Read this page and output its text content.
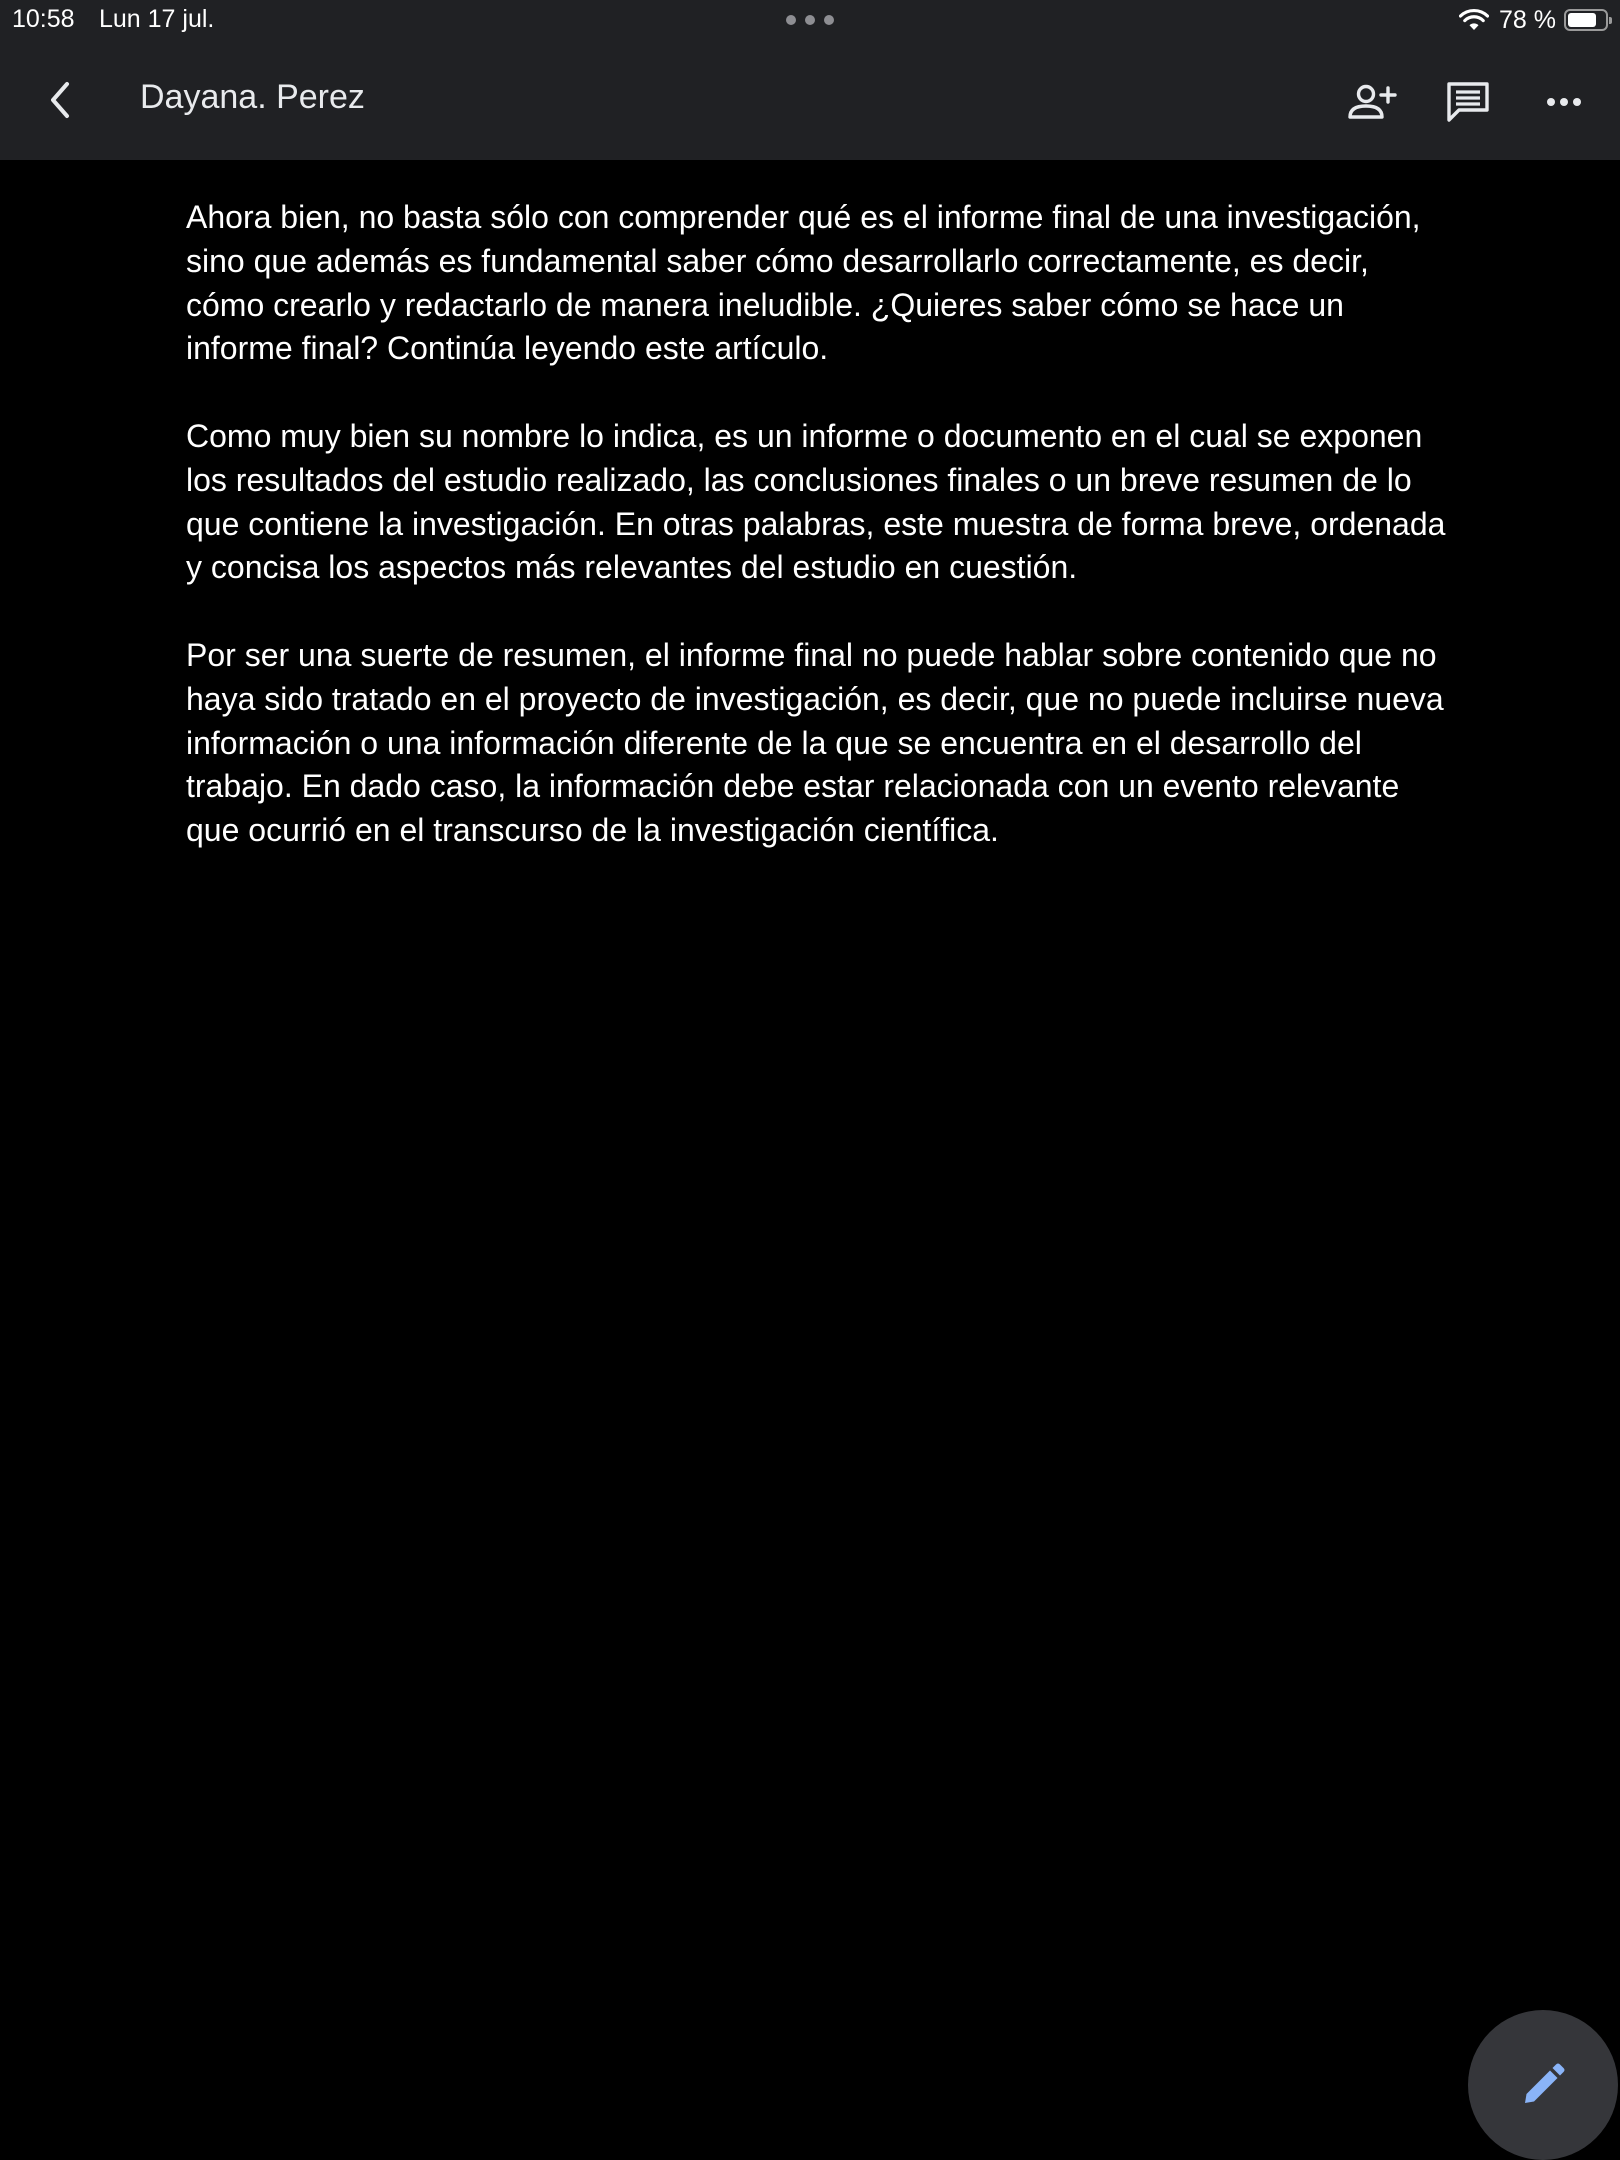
10:58 Lun 17 jul.	78 %
Dayana. Perez

Ahora bien, no basta sólo con comprender qué es el informe final de una investigación, sino que además es fundamental saber cómo desarrollarlo correctamente, es decir, cómo crearlo y redactarlo de manera ineludible. ¿Quieres saber cómo se hace un informe final? Continúa leyendo este artículo.

Como muy bien su nombre lo indica, es un informe o documento en el cual se exponen los resultados del estudio realizado, las conclusiones finales o un breve resumen de lo que contiene la investigación. En otras palabras, este muestra de forma breve, ordenada y concisa los aspectos más relevantes del estudio en cuestión.

Por ser una suerte de resumen, el informe final no puede hablar sobre contenido que no haya sido tratado en el proyecto de investigación, es decir, que no puede incluirse nueva información o una información diferente de la que se encuentra en el desarrollo del trabajo. En dado caso, la información debe estar relacionada con un evento relevante que ocurrió en el transcurso de la investigación científica.
